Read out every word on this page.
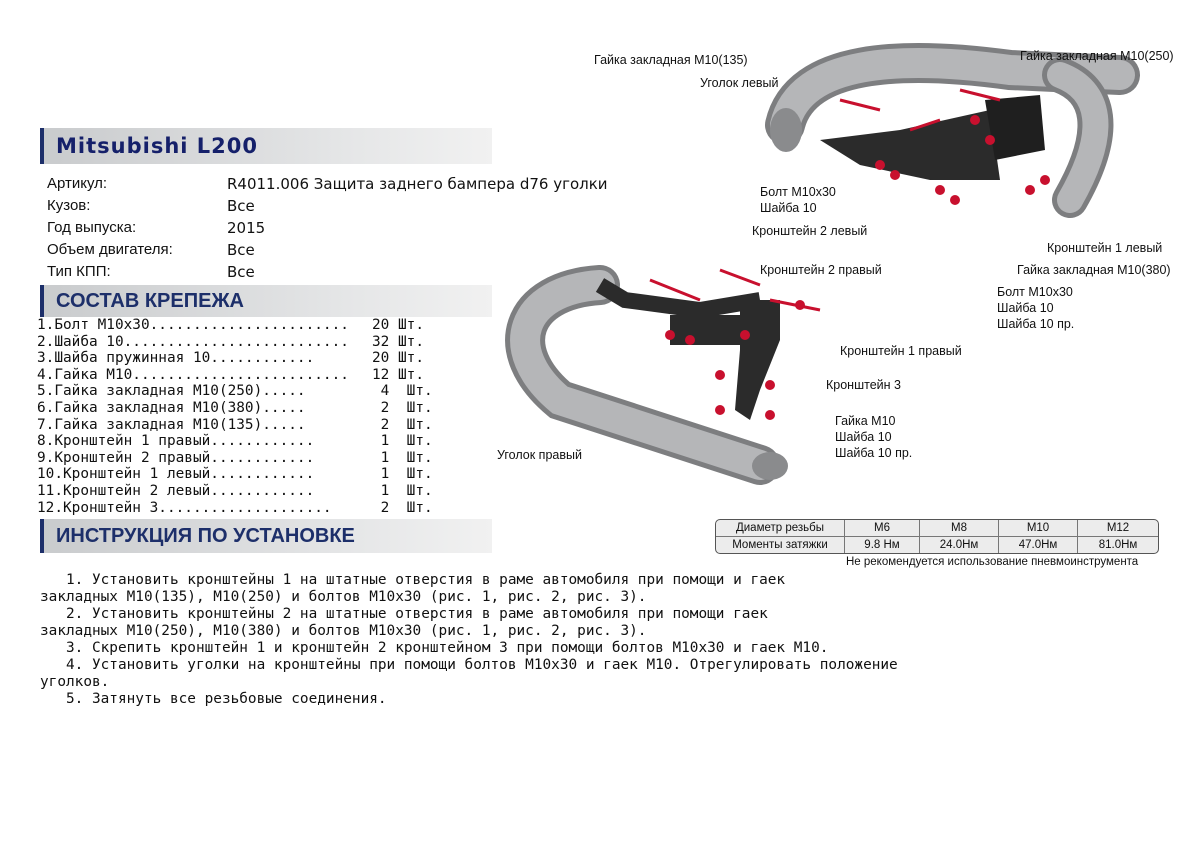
Гайка закладная М10(135)
Уголок левый
Гайка закладная М10(250)
Болт М10х30
Шайба 10
Кронштейн 2 левый
Кронштейн 1 левый
Гайка закладная М10(380)
Болт М10х30
Шайба 10
Шайба 10 пр.
Кронштейн 2 правый
Кронштейн 1 правый
Кронштейн 3
Гайка М10
Шайба 10
Шайба 10 пр.
Уголок правый
Mitsubishi L200
Артикул:	R4011.006 Защита заднего бампера d76 уголки
Кузов:	Все
Год выпуска:	2015
Объем двигателя:	Все
Тип КПП:	Все
СОСТАВ КРЕПЕЖА
1.Болт М10х30....................... 20 Шт.
2.Шайба 10.......................... 32 Шт.
3.Шайба пружинная 10............	20 Шт.
4.Гайка М10......................... 12 Шт.
5.Гайка закладная М10(250).....	4  Шт.
6.Гайка закладная М10(380).....	2  Шт.
7.Гайка закладная М10(135).....	2  Шт.
8.Кронштейн 1 правый............	1  Шт.
9.Кронштейн 2 правый............	1  Шт.
10.Кронштейн 1 левый............	1  Шт.
11.Кронштейн 2 левый............	1  Шт.
12.Кронштейн 3....................	2  Шт.
ИНСТРУКЦИЯ ПО УСТАНОВКЕ
1. Установить кронштейны 1 на штатные отверстия в раме автомобиля при помощи и гаек
закладных М10(135), М10(250) и болтов М10х30 (рис. 1, рис. 2, рис. 3).
2. Установить кронштейны 2 на штатные отверстия в раме автомобиля при помощи гаек
закладных М10(250), М10(380) и болтов М10х30 (рис. 1, рис. 2, рис. 3).
3. Скрепить кронштейн 1 и кронштейн 2 кронштейном 3 при помощи болтов М10х30 и гаек М10.
4. Установить уголки на кронштейны при помощи болтов М10х30 и гаек М10. Отрегулировать положение
уголков.
5. Затянуть все резьбовые соединения.
Диаметр резьбы	М6	М8	М10	М12
Моменты затяжки	9.8 Нм	24.0Нм	47.0Нм	81.0Нм
Не рекомендуется использование пневмоинструмента
